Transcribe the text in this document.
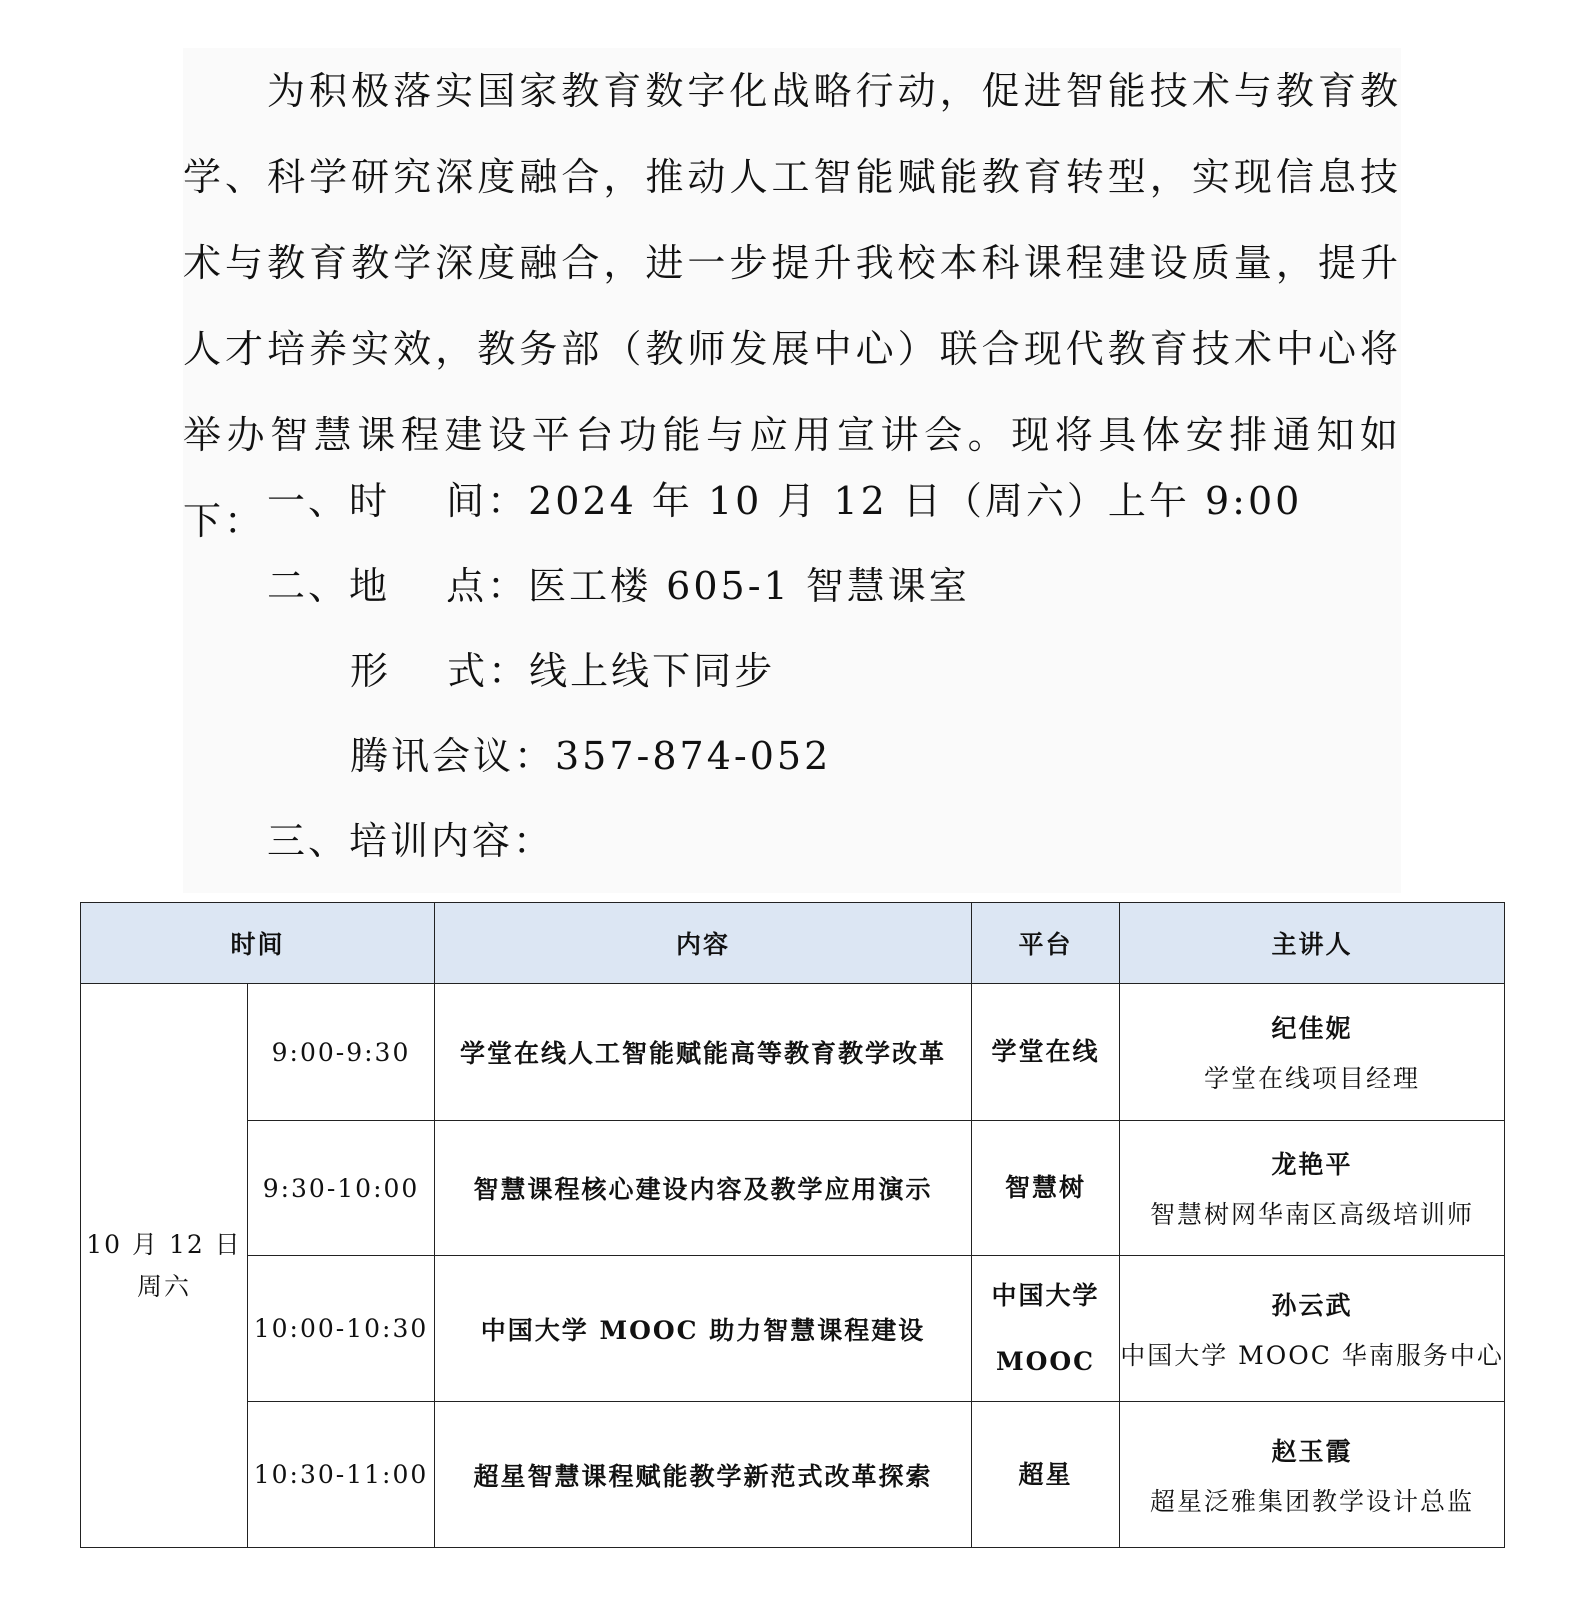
为积极落实国家教育数字化战略行动，促进智能技术与教育教学、科学研究深度融合，推动人工智能赋能教育转型，实现信息技术与教育教学深度融合，进一步提升我校本科课程建设质量，提升人才培养实效，教务部（教师发展中心）联合现代教育技术中心将举办智慧课程建设平台功能与应用宣讲会。现将具体安排通知如下： 一、时　 间：2024 年 10 月 12 日（周六）上午 9:00
二、地　 点：医工楼 605-1 智慧课室
形　 式：线上线下同步
腾讯会议：357-874-052
三、培训内容：
时间		内容	平台	主讲人

10 月 12 日
周六	9:00-9:30	学堂在线人工智能赋能高等教育教学改革	学堂在线	纪佳妮
学堂在线项目经理

	9:30-10:00	智慧课程核心建设内容及教学应用演示	智慧树	龙艳平
智慧树网华南区高级培训师

	10:00-10:30	中国大学 MOOC 助力智慧课程建设	中国大学
MOOC	孙云武
中国大学 MOOC 华南服务中心

	10:30-11:00	超星智慧课程赋能教学新范式改革探索	超星	赵玉霞
超星泛雅集团教学设计总监
